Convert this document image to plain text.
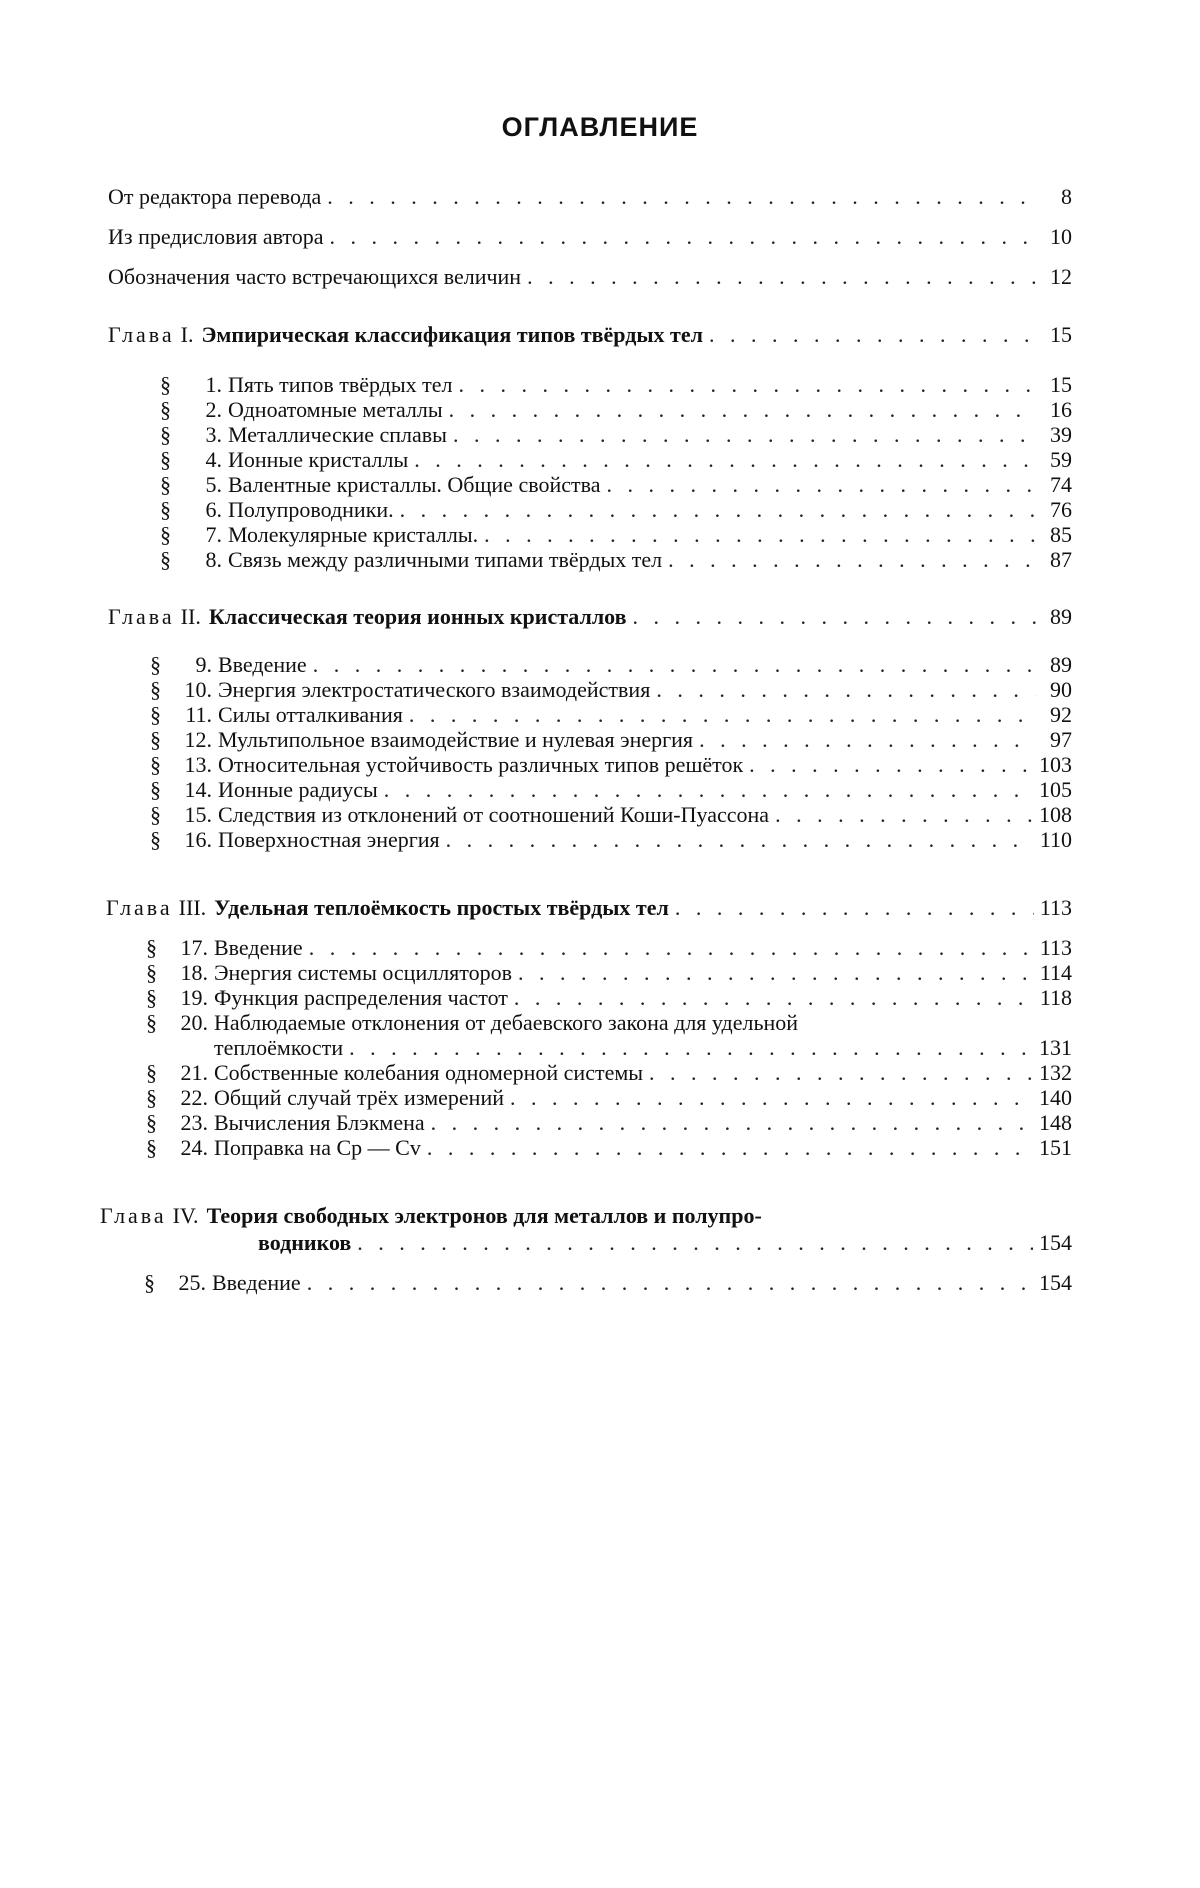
ОГЛАВЛЕНИЕ
От редактора перевода . . .	8
Из предисловия автора . . .	10
Обозначения часто встречающихся величин . . .	12
Глава I. Эмпирическая классификация типов твёрдых тел . . .	15
§ 1. Пять типов твёрдых тел . . .	15
§ 2. Одноатомные металлы . . .	16
§ 3. Металлические сплавы . . .	39
§ 4. Ионные кристаллы . . .	59
§ 5. Валентные кристаллы. Общие свойства . . .	74
§ 6. Полупроводники. . . .	76
§ 7. Молекулярные кристаллы. . . .	85
§ 8. Связь между различными типами твёрдых тел . . .	87
Глава II. Классическая теория ионных кристаллов . . .	89
§ 9. Введение . . .	89
§ 10. Энергия электростатического взаимодействия . . .	90
§ 11. Силы отталкивания . . .	92
§ 12. Мультипольное взаимодействие и нулевая энергия . . .	97
§ 13. Относительная устойчивость различных типов решёток . . .	103
§ 14. Ионные радиусы . . .	105
§ 15. Следствия из отклонений от соотношений Коши-Пуассона . . .	108
§ 16. Поверхностная энергия . . .	110
Глава III. Удельная теплоёмкость простых твёрдых тел . . .	113
§ 17. Введение . . .	113
§ 18. Энергия системы осцилляторов . . .	114
§ 19. Функция распределения частот . . .	118
§ 20. Наблюдаемые отклонения от дебаевского закона для удельной
теплоёмкости . . .	131
§ 21. Собственные колебания одномерной системы . . .	132
§ 22. Общий случай трёх измерений . . .	140
§ 23. Вычисления Блэкмена . . .	148
§ 24. Поправка на Cp — Cv . . .	151
Глава IV. Теория свободных электронов для металлов и полупро-
водников . . .	154
§ 25. Введение . . .	154
